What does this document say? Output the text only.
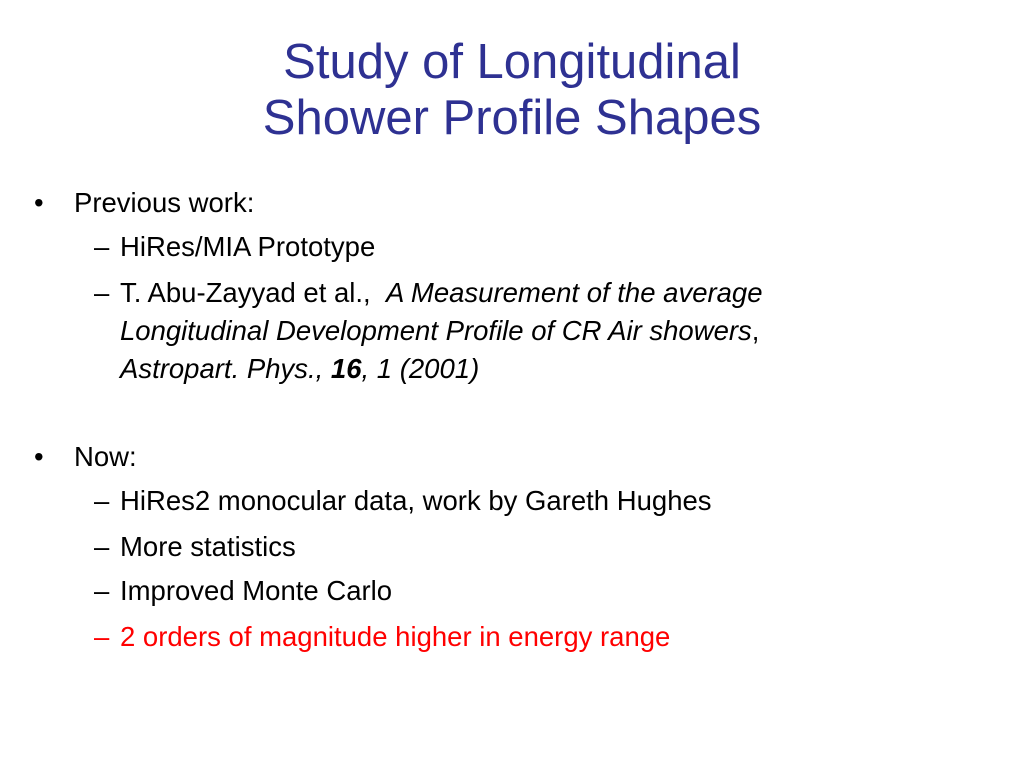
Study of Longitudinal
Shower Profile Shapes
• Previous work:
– HiRes/MIA Prototype
– T. Abu-Zayyad et al., A Measurement of the average
Longitudinal Development Profile of CR Air showers,
Astropart. Phys., 16, 1 (2001)
• Now:
– HiRes2 monocular data, work by Gareth Hughes
– More statistics
– Improved Monte Carlo
– 2 orders of magnitude higher in energy range
